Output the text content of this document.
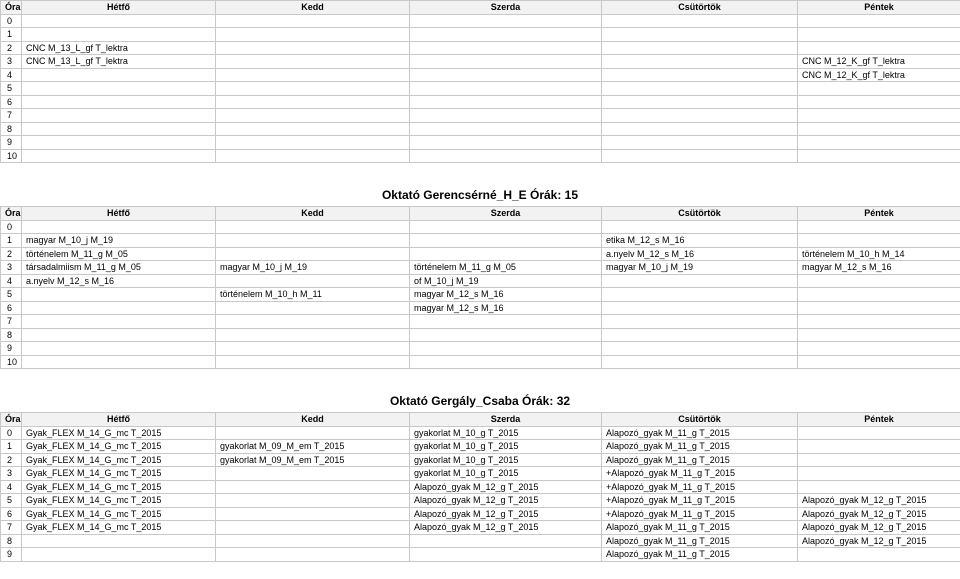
Óra	Hétfő	Kedd	Szerda	Csütörtök	Péntek
0					
1					
2	CNC M_13_L_gf T_lektra				
3	CNC M_13_L_gf T_lektra				CNC M_12_K_gf T_lektra
4					CNC M_12_K_gf T_lektra
5					
6					
7					
8					
9					
10					
Oktató Gerencsérné_H_E Órák: 15
Óra	Hétfő	Kedd	Szerda	Csütörtök	Péntek
0					
1	magyar M_10_j M_19			etika M_12_s M_16	
2	történelem M_11_g M_05			a.nyelv M_12_s M_16	történelem M_10_h M_14
3	társadalmiism M_11_g M_05	magyar M_10_j M_19	történelem M_11_g M_05	magyar M_10_j M_19	magyar M_12_s M_16
4	a.nyelv M_12_s M_16		of M_10_j M_19		
5		történelem M_10_h M_11	magyar M_12_s M_16		
6			magyar M_12_s M_16		
7					
8					
9					
10					
Oktató Gergály_Csaba Órák: 32
Óra	Hétfő	Kedd	Szerda	Csütörtök	Péntek
0	Gyak_FLEX M_14_G_mc T_2015		gyakorlat M_10_g T_2015	Alapozó_gyak M_11_g T_2015	
1	Gyak_FLEX M_14_G_mc T_2015	gyakorlat M_09_M_em T_2015	gyakorlat M_10_g T_2015	Alapozó_gyak M_11_g T_2015	
2	Gyak_FLEX M_14_G_mc T_2015	gyakorlat M_09_M_em T_2015	gyakorlat M_10_g T_2015	Alapozó_gyak M_11_g T_2015	
3	Gyak_FLEX M_14_G_mc T_2015		gyakorlat M_10_g T_2015	+Alapozó_gyak M_11_g T_2015	
4	Gyak_FLEX M_14_G_mc T_2015		Alapozó_gyak M_12_g T_2015	+Alapozó_gyak M_11_g T_2015	
5	Gyak_FLEX M_14_G_mc T_2015		Alapozó_gyak M_12_g T_2015	+Alapozó_gyak M_11_g T_2015	Alapozó_gyak M_12_g T_2015
6	Gyak_FLEX M_14_G_mc T_2015		Alapozó_gyak M_12_g T_2015	+Alapozó_gyak M_11_g T_2015	Alapozó_gyak M_12_g T_2015
7	Gyak_FLEX M_14_G_mc T_2015		Alapozó_gyak M_12_g T_2015	Alapozó_gyak M_11_g T_2015	Alapozó_gyak M_12_g T_2015
8				Alapozó_gyak M_11_g T_2015	Alapozó_gyak M_12_g T_2015
9				Alapozó_gyak M_11_g T_2015	
